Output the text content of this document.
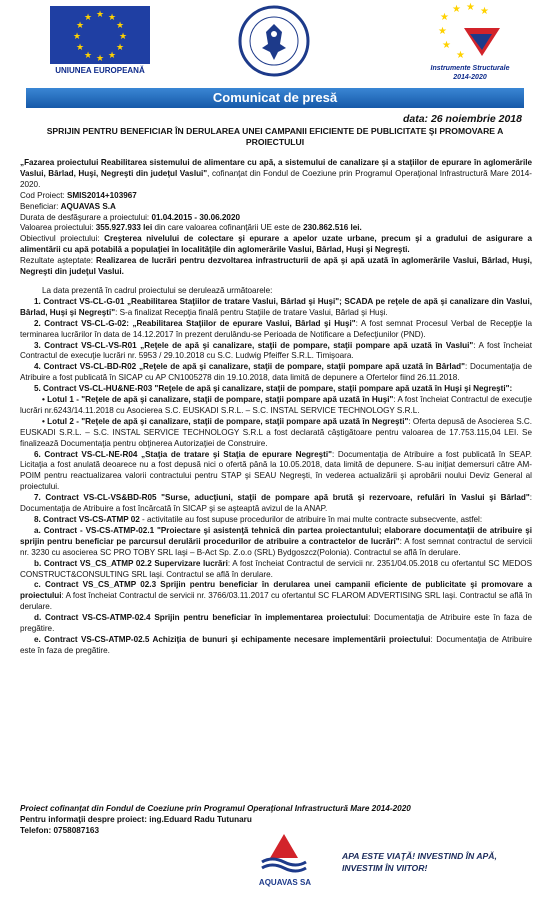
★ ★
★
★
★
★
★
★
★
★
★
★
UNIUNEA EUROPEANĂ
★
★ ★ ★
★
★
★
Instrumente Structurale
2014-2020
Comunicat de presă
data: 26 noiembrie 2018
SPRIJIN PENTRU BENEFICIAR ÎN DERULAREA UNEI CAMPANII EFICIENTE DE PUBLICITATE ŞI PROMOVARE A PROIECTULUI

„Fazarea proiectului Reabilitarea sistemului de alimentare cu apă, a sistemului de canalizare şi a staţiilor de epurare în aglomerările Vaslui, Bârlad, Huşi, Negreşti din judeţul Vaslui", cofinanţat din Fondul de Coeziune prin Programul Operaţional Infrastructură Mare 2014-2020.

Cod Proiect: SMIS2014+103967

Beneficiar: AQUAVAS S.A

Durata de desfăşurare a proiectului: 01.04.2015 - 30.06.2020

Valoarea proiectului: 355.927.933 lei din care valoarea cofinanţării UE este de 230.862.516 lei.

Obiectivul proiectului: Creşterea nivelului de colectare şi epurare a apelor uzate urbane, precum şi a gradului de asigurare a alimentării cu apă potabilă a populaţiei în localităţile din aglomerările Vaslui, Bârlad, Huşi şi Negreşti.

Rezultate aşteptate: Realizarea de lucrări pentru dezvoltarea infrastructurii de apă şi apă uzată în aglomerările Vaslui, Bârlad, Huşi, Negreşti din judeţul Vaslui.

La data prezentă în cadrul proiectului se derulează următoarele:

1. Contract VS-CL-G-01 „Reabilitarea Staţiilor de tratare Vaslui, Bârlad şi Huşi"; SCADA pe reţele de apă şi canalizare din Vaslui, Bârlad, Huşi şi Negreşti": S-a finalizat Recepţia finală pentru Staţiile de tratare Vaslui, Bârlad şi Huşi.

2. Contract VS-CL-G-02: „Reabilitarea Staţiilor de epurare Vaslui, Bârlad şi Huşi": A fost semnat Procesul Verbal de Recepţie la terminarea lucrărilor în data de 14.12.2017 în prezent derulându-se Perioada de Notificare a Defecţiunilor (PND).

3. Contract VS-CL-VS-R01 „Reţele de apă şi canalizare, staţii de pompare, staţii pompare apă uzată în Vaslui": A fost încheiat Contractul de execuţie lucrări nr. 5953 / 29.10.2018 cu S.C. Ludwig Pfeiffer S.R.L. Timişoara.

4. Contract VS-CL-BD-R02 „Reţele de apă şi canalizare, staţii de pompare, staţii pompare apă uzată în Bârlad": Documentaţia de Atribuire a fost publicată în SICAP cu AP CN1005278 din 19.10.2018, data limită de depunere a Ofertelor fiind 26.11.2018.

5. Contract VS-CL-HU&NE-R03 "Reţele de apă şi canalizare, staţii de pompare, staţii pompare apă uzată în Huşi şi Negreşti":

• Lotul 1 - "Reţele de apă şi canalizare, staţii de pompare, staţii pompare apă uzată în Huşi": A fost încheiat Contractul de execuţie lucrări nr.6243/14.11.2018 cu Asocierea S.C. EUSKADI S.R.L. – S.C. INSTAL SERVICE TECHNOLOGY S.R.L.

• Lotul 2 - "Reţele de apă şi canalizare, staţii de pompare, staţii pompare apă uzată în Negreşti": Oferta depusă de Asocierea S.C. EUSKADI S.R.L. – S.C. INSTAL SERVICE TECHNOLOGY S.R.L a fost declarată câştigătoare pentru valoarea de 17.753.115,04 LEI. Se finalizează Documentaţia pentru obţinerea Autorizaţiei de Construire.

6. Contract VS-CL-NE-R04 „Staţia de tratare şi Staţia de epurare Negreşti": Documentaţia de Atribuire a fost publicată în SEAP. Licitaţia a fost anulată deoarece nu a fost depusă nici o ofertă până la 10.05.2018, data limită de depunere. S-au iniţiat demersuri către AM-POIM pentru reactualizarea valorii contractului pentru STAP şi SEAU Negreşti, în vederea actualizării şi aprobării noului Deviz General al proiectului.

7. Contract VS-CL-VS&BD-R05 "Surse, aducţiuni, staţii de pompare apă brută şi rezervoare, refulări în Vaslui şi Bârlad": Documentaţia de Atribuire a fost încărcată în SICAP şi se aşteaptă avizul de la ANAP.

8. Contract VS-CS-ATMP 02 - activitatile au fost supuse procedurilor de atribuire în mai multe contracte subsecvente, astfel:

a. Contract - VS-CS-ATMP-02.1 "Proiectare şi asistenţă tehnică din partea proiectantului; elaborare documentaţii de atribuire şi sprijin pentru beneficiar pe parcursul derulării procedurilor de atribuire a contractelor de lucrări": A fost semnat contractul de servicii nr. 3230 cu asocierea SC PRO TOBY SRL Iaşi – B-Act Sp. Z.o.o (SRL) Bydgoszcz(Polonia). Contractul se află în derulare.

b. Contract VS_CS_ATMP 02.2 Supervizare lucrări: A fost încheiat Contractul de servicii nr. 2351/04.05.2018 cu ofertantul SC MEDOS CONSTRUCT&CONSULTING SRL Iaşi. Contractul se află în derulare.

c. Contract VS_CS_ATMP 02.3 Sprijin pentru beneficiar în derularea unei campanii eficiente de publicitate şi promovare a proiectului: A fost încheiat Contractul de servicii nr. 3766/03.11.2017 cu ofertantul SC FLAROM ADVERTISING SRL Iaşi. Contractul se află în derulare.

d. Contract VS-CS-ATMP-02.4 Sprijin pentru beneficiar în implementarea proiectului: Documentaţia de Atribuire este în faza de pregătire.

e. Contract VS-CS-ATMP-02.5 Achiziţia de bunuri şi echipamente necesare implementării proiectului: Documentaţia de Atribuire este în faza de pregătire.

Proiect cofinanţat din Fondul de Coeziune prin Programul Operaţional Infrastructură Mare 2014-2020
Pentru informaţii despre proiect: ing.Eduard Radu Tutunaru
Telefon: 0758087163
AQUAVAS SA
APA ESTE VIAŢĂ! INVESTIND ÎN APĂ,
INVESTIM ÎN VIITOR!
